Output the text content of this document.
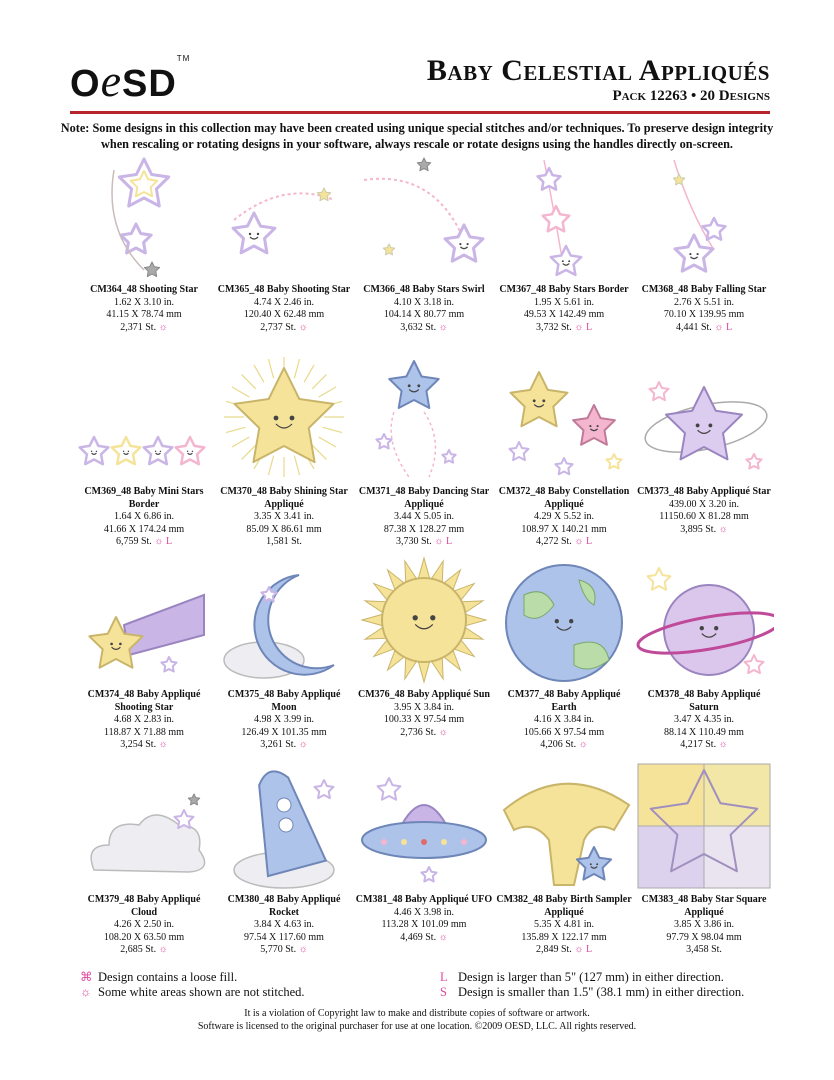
OeSD™	Baby Celestial Appliqués
Pack 12263 • 20 Designs
Note: Some designs in this collection may have been created using unique special stitches and/or techniques. To preserve design integrity when rescaling or rotating designs in your software, always rescale or rotate designs using the handles directly on-screen.
CM364_48 Shooting Star
1.62 X 3.10 in.
41.15 X 78.74 mm
2,371 St. ☼
CM365_48 Baby Shooting Star
4.74 X 2.46 in.
120.40 X 62.48 mm
2,737 St. ☼
CM366_48 Baby Stars Swirl
4.10 X 3.18 in.
104.14 X 80.77 mm
3,632 St. ☼
CM367_48 Baby Stars Border
1.95 X 5.61 in.
49.53 X 142.49 mm
3,732 St. ☼ L
CM368_48 Baby Falling Star
2.76 X 5.51 in.
70.10 X 139.95 mm
4,441 St. ☼ L
CM369_48 Baby Mini Stars Border
1.64 X 6.86 in.
41.66 X 174.24 mm
6,759 St. ☼ L
CM370_48 Baby Shining Star Appliqué
3.35 X 3.41 in.
85.09 X 86.61 mm
1,581 St.
CM371_48 Baby Dancing Star Appliqué
3.44 X 5.05 in.
87.38 X 128.27 mm
3,730 St. ☼ L
CM372_48 Baby Constellation Appliqué
4.29 X 5.52 in.
108.97 X 140.21 mm
4,272 St. ☼ L
CM373_48 Baby Appliqué Star
439.00 X 3.20 in.
11150.60 X 81.28 mm
3,895 St. ☼
CM374_48 Baby Appliqué Shooting Star
4.68 X 2.83 in.
118.87 X 71.88 mm
3,254 St. ☼
CM375_48 Baby Appliqué Moon
4.98 X 3.99 in.
126.49 X 101.35 mm
3,261 St. ☼
CM376_48 Baby Appliqué Sun
3.95 X 3.84 in.
100.33 X 97.54 mm
2,736 St. ☼
CM377_48 Baby Appliqué Earth
4.16 X 3.84 in.
105.66 X 97.54 mm
4,206 St. ☼
CM378_48 Baby Appliqué Saturn
3.47 X 4.35 in.
88.14 X 110.49 mm
4,217 St. ☼
CM379_48 Baby Appliqué Cloud
4.26 X 2.50 in.
108.20 X 63.50 mm
2,685 St. ☼
CM380_48 Baby Appliqué Rocket
3.84 X 4.63 in.
97.54 X 117.60 mm
5,770 St. ☼
CM381_48 Baby Appliqué UFO
4.46 X 3.98 in.
113.28 X 101.09 mm
4,469 St. ☼
CM382_48 Baby Birth Sampler Appliqué
5.35 X 4.81 in.
135.89 X 122.17 mm
2,849 St. ☼ L
CM383_48 Baby Star Square Appliqué
3.85 X 3.86 in.
97.79 X 98.04 mm
3,458 St.
⌘ Design contains a loose fill.
☼ Some white areas shown are not stitched.
L Design is larger than 5" (127 mm) in either direction.
S Design is smaller than 1.5" (38.1 mm) in either direction.
It is a violation of Copyright law to make and distribute copies of software or artwork.
Software is licensed to the original purchaser for use at one location. ©2009 OESD, LLC. All rights reserved.
